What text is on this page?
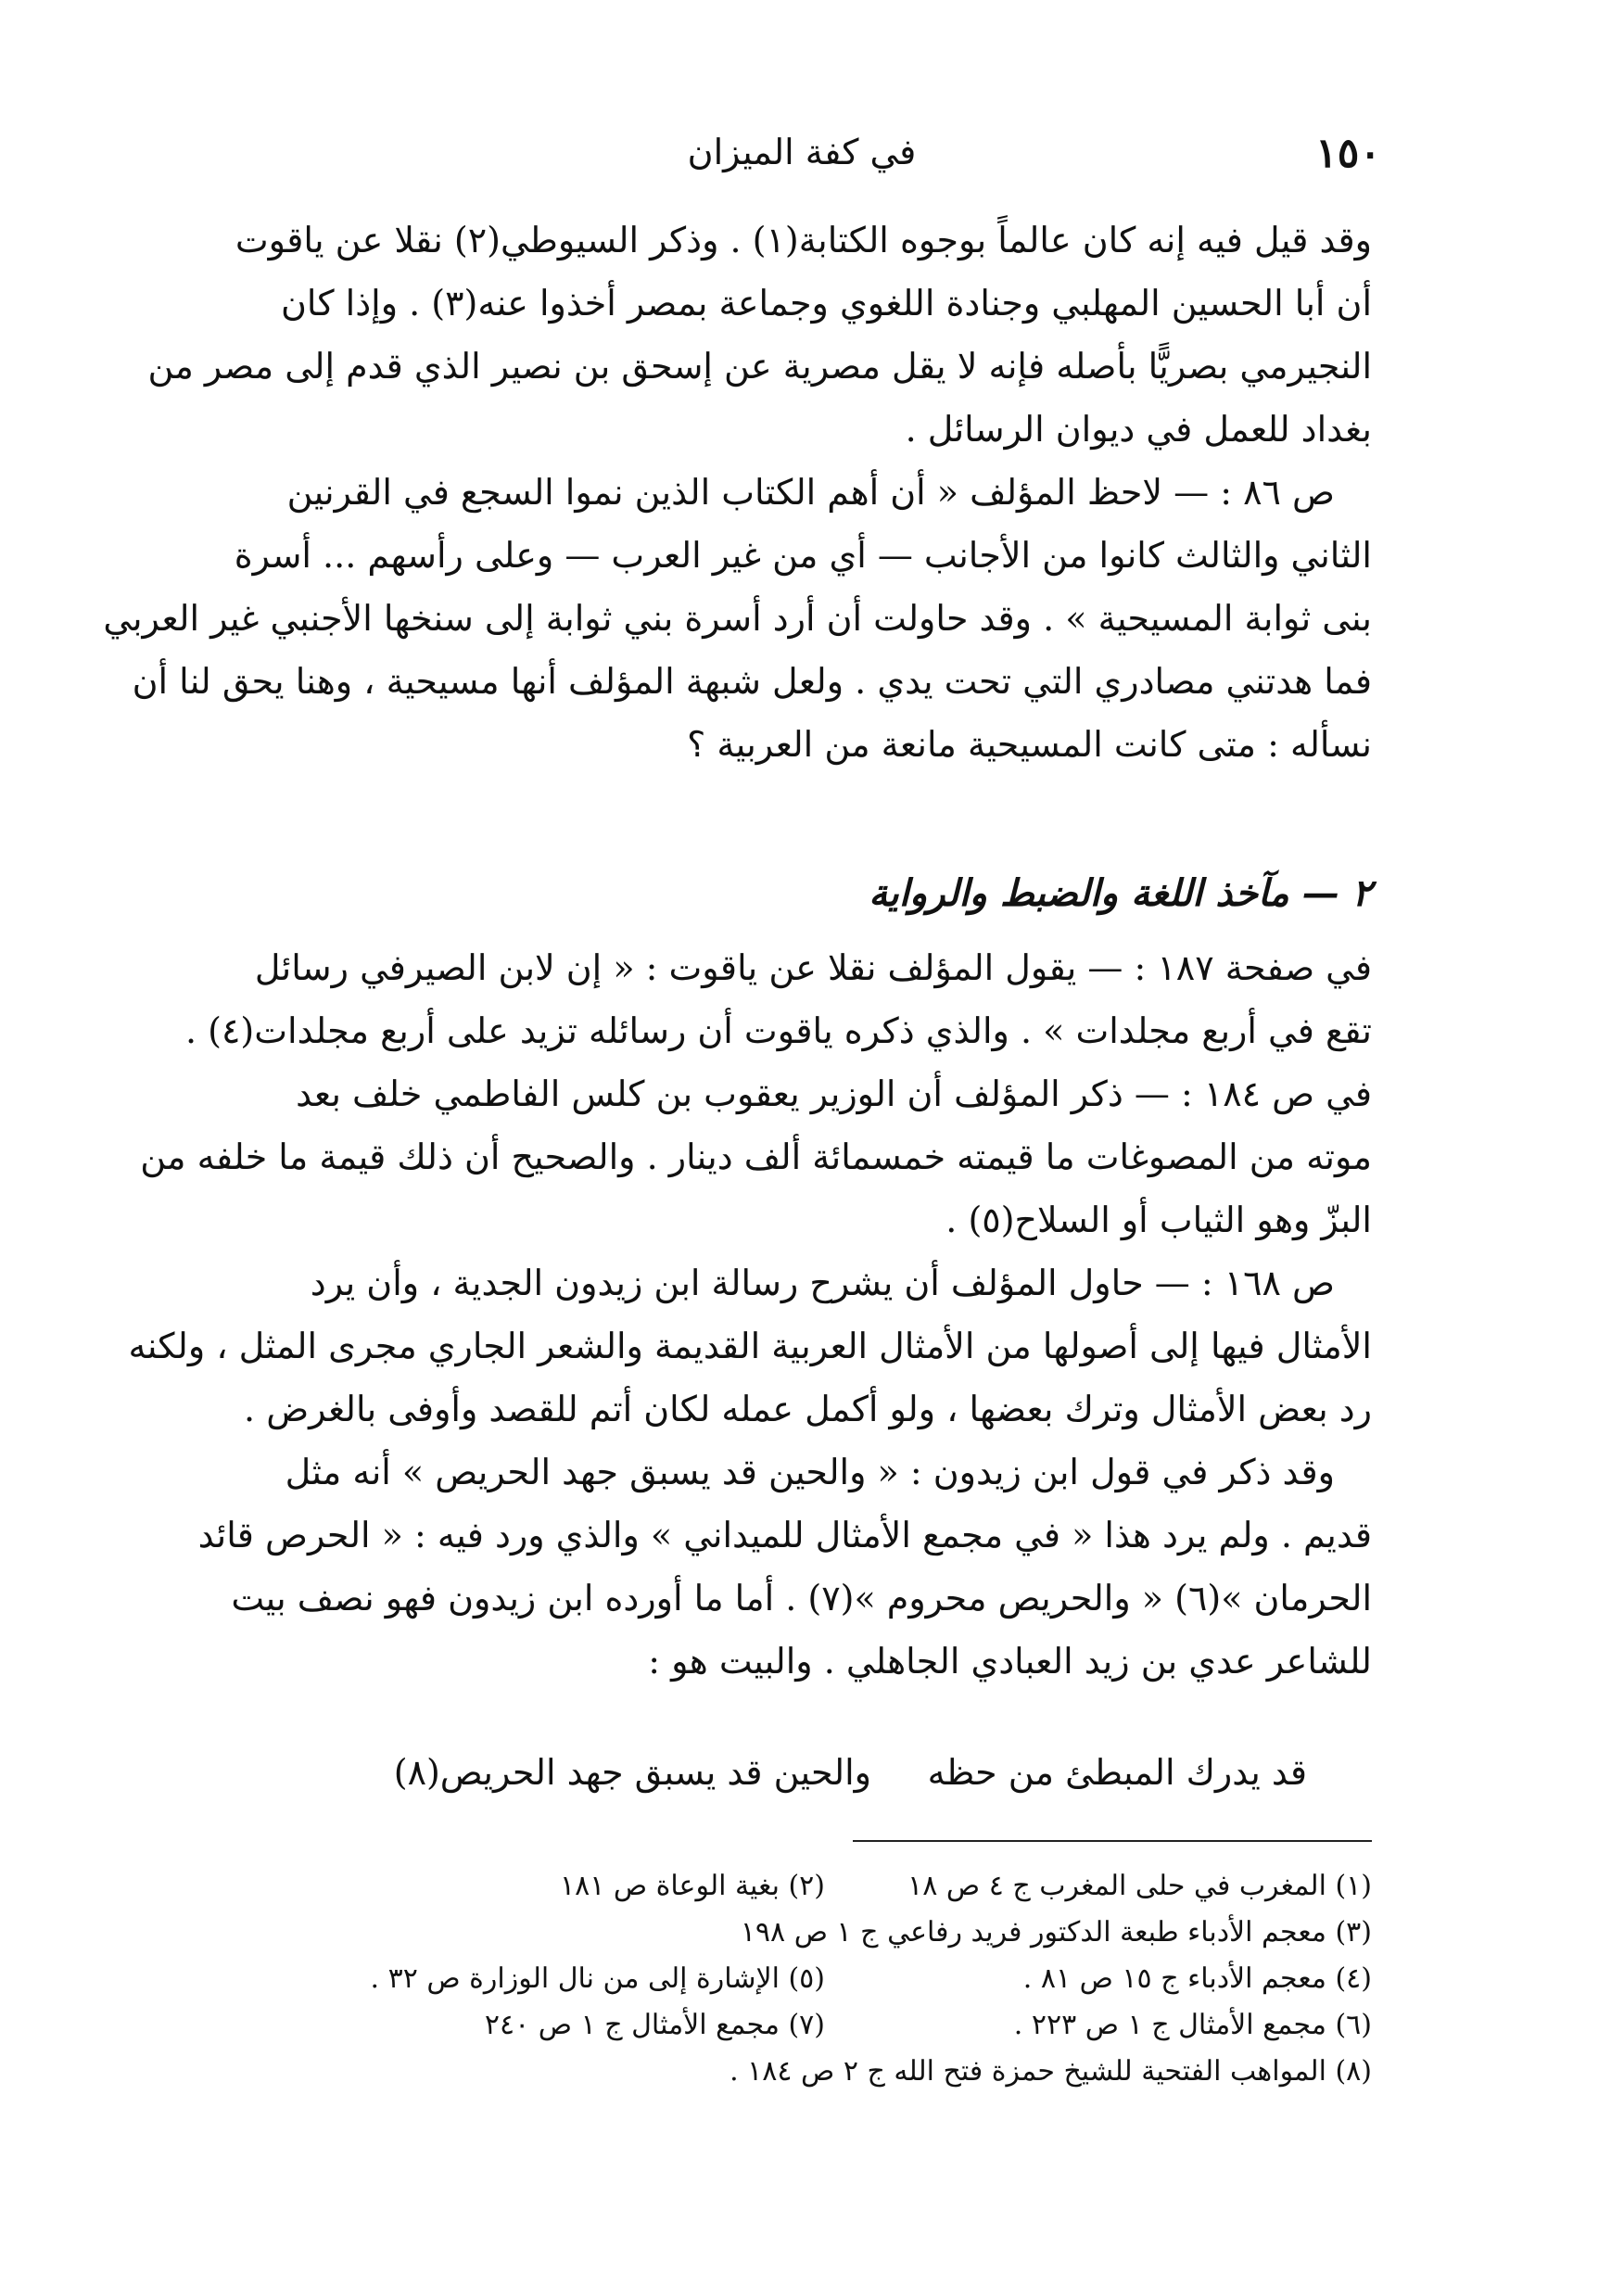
١٥٠
في كفة الميزان
وقد قيل فيه إنه كان عالماً بوجوه الكتابة(١) . وذكر السيوطي(٢) نقلا عن ياقوت
أن أبا الحسين المهلبي وجنادة اللغوي وجماعة بمصر أخذوا عنه(٣) . وإذا كان
النجيرمي بصريًّا بأصله فإنه لا يقل مصرية عن إسحق بن نصير الذي قدم إلى مصر من
بغداد للعمل في ديوان الرسائل .
ص ٨٦ : — لاحظ المؤلف « أن أهم الكتاب الذين نموا السجع في القرنين
الثاني والثالث كانوا من الأجانب — أي من غير العرب — وعلى رأسهم ... أسرة
بنى ثوابة المسيحية » . وقد حاولت أن أرد أسرة بني ثوابة إلى سنخها الأجنبي غير العربي
فما هدتني مصادري التي تحت يدي . ولعل شبهة المؤلف أنها مسيحية ، وهنا يحق لنا أن
نسأله : متى كانت المسيحية مانعة من العربية ؟
٢ — مآخذ اللغة والضبط والرواية
في صفحة ١٨٧ : — يقول المؤلف نقلا عن ياقوت : « إن لابن الصيرفي رسائل
تقع في أربع مجلدات » . والذي ذكره ياقوت أن رسائله تزيد على أربع مجلدات(٤) .
في ص ١٨٤ : — ذكر المؤلف أن الوزير يعقوب بن كلس الفاطمي خلف بعد
موته من المصوغات ما قيمته خمسمائة ألف دينار . والصحيح أن ذلك قيمة ما خلفه من
البزّ وهو الثياب أو السلاح(٥) .
ص ١٦٨ : — حاول المؤلف أن يشرح رسالة ابن زيدون الجدية ، وأن يرد
الأمثال فيها إلى أصولها من الأمثال العربية القديمة والشعر الجاري مجرى المثل ، ولكنه
رد بعض الأمثال وترك بعضها ، ولو أكمل عمله لكان أتم للقصد وأوفى بالغرض .
وقد ذكر في قول ابن زيدون : « والحين قد يسبق جهد الحريص » أنه مثل
قديم . ولم يرد هذا « في مجمع الأمثال للميداني » والذي ورد فيه : « الحرص قائد
الحرمان »(٦) « والحريص محروم »(٧) . أما ما أورده ابن زيدون فهو نصف بيت
للشاعر عدي بن زيد العبادي الجاهلي . والبيت هو :
قد يدرك المبطئ من حظه
والحين قد يسبق جهد الحريص(٨)
(١) المغرب في حلى المغرب ج ٤ ص ١٨
(٢) بغية الوعاة ص ١٨١
(٣) معجم الأدباء طبعة الدكتور فريد رفاعي ج ١ ص ١٩٨
(٤) معجم الأدباء ج ١٥ ص ٨١ .
(٥) الإشارة إلى من نال الوزارة ص ٣٢ .
(٦) مجمع الأمثال ج ١ ص ٢٢٣ .
(٧) مجمع الأمثال ج ١ ص ٢٤٠
(٨) المواهب الفتحية للشيخ حمزة فتح الله ج ٢ ص ١٨٤ .
